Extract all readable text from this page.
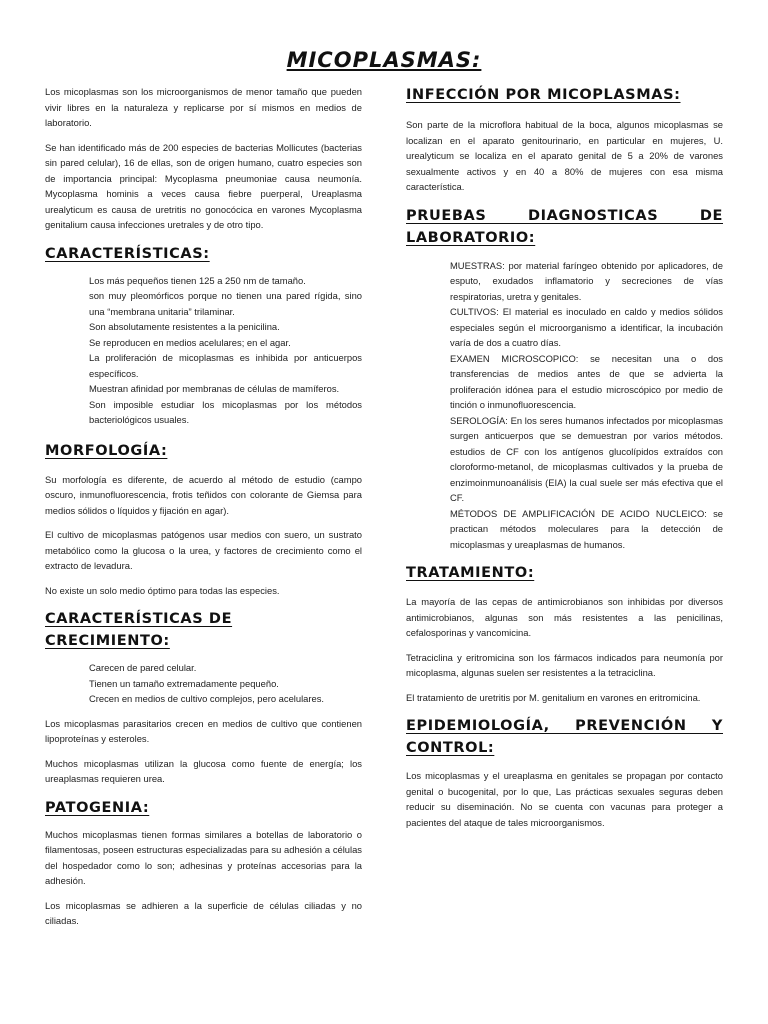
MICOPLASMAS:

Los micoplasmas son los microorganismos de menor tamaño que pueden vivir libres en la naturaleza y replicarse por sí mismos en medios de laboratorio.

Se han identificado más de 200 especies de bacterias Mollicutes (bacterias sin pared celular), 16 de ellas, son de origen humano, cuatro especies son de importancia principal: Mycoplasma pneumoniae causa neumonía. Mycoplasma hominis a veces causa fiebre puerperal, Ureaplasma urealyticum es causa de uretritis no gonocócica en varones Mycoplasma genitalium causa infecciones uretrales y de otro tipo.

CARACTERÍSTICAS:
Los más pequeños tienen 125 a 250 nm de tamaño.
son muy pleomórficos porque no tienen una pared rígida, sino una “membrana unitaria” trilaminar.
Son absolutamente resistentes a la penicilina.
Se reproducen en medios acelulares; en el agar.
La proliferación de micoplasmas es inhibida por anticuerpos específicos.
Muestran afinidad por membranas de células de mamíferos.
Son imposible estudiar los micoplasmas por los métodos bacteriológicos usuales.
MORFOLOGÍA:

Su morfología es diferente, de acuerdo al método de estudio (campo oscuro, inmunofluorescencia, frotis teñidos con colorante de Giemsa para medios sólidos o líquidos y fijación en agar).

El cultivo de micoplasmas patógenos usar medios con suero, un sustrato metabólico como la glucosa o la urea, y factores de crecimiento como el extracto de levadura.

No existe un solo medio óptimo para todas las especies.

CARACTERÍSTICAS DE CRECIMIENTO:
Carecen de pared celular.
Tienen un tamaño extremadamente pequeño.
Crecen en medios de cultivo complejos, pero acelulares.

Los micoplasmas parasitarios crecen en medios de cultivo que contienen lipoproteínas y esteroles.

Muchos micoplasmas utilizan la glucosa como fuente de energía; los ureaplasmas requieren urea.

PATOGENIA:

Muchos micoplasmas tienen formas similares a botellas de laboratorio o filamentosas, poseen estructuras especializadas para su adhesión a células del hospedador como lo son; adhesinas y proteínas accesorias para la adhesión.

Los micoplasmas se adhieren a la superficie de células ciliadas y no ciliadas.

INFECCIÓN POR MICOPLASMAS:

Son parte de la microflora habitual de la boca, algunos micoplasmas se localizan en el aparato genitourinario, en particular en mujeres, U. urealyticum se localiza en el aparato genital de 5 a 20% de varones sexualmente activos y en 40 a 80% de mujeres con esa misma característica.

PRUEBAS DIAGNOSTICAS DE LABORATORIO:
MUESTRAS: por material faríngeo obtenido por aplicadores, de esputo, exudados inflamatorio y secreciones de vías respiratorias, uretra y genitales.
CULTIVOS: El material es inoculado en caldo y medios sólidos especiales según el microorganismo a identificar, la incubación varía de dos a cuatro días.
EXAMEN MICROSCOPICO: se necesitan una o dos transferencias de medios antes de que se advierta la proliferación idónea para el estudio microscópico por medio de tinción o inmunofluorescencia.
SEROLOGÍA: En los seres humanos infectados por micoplasmas surgen anticuerpos que se demuestran por varios métodos. estudios de CF con los antígenos glucolípidos extraídos con cloroformo-metanol, de micoplasmas cultivados y la prueba de enzimoinmunoanálisis (EIA) la cual suele ser más efectiva que el CF.
MÉTODOS DE AMPLIFICACIÓN DE ACIDO NUCLEICO: se practican métodos moleculares para la detección de micoplasmas y ureaplasmas de humanos.
TRATAMIENTO:

La mayoría de las cepas de antimicrobianos son inhibidas por diversos antimicrobianos, algunas son más resistentes a las penicilinas, cefalosporinas y vancomicina.

Tetraciclina y eritromicina son los fármacos indicados para neumonía por micoplasma, algunas suelen ser resistentes a la tetraciclina.

El tratamiento de uretritis por M. genitalium en varones en eritromicina.

EPIDEMIOLOGÍA, PREVENCIÓN Y CONTROL:

Los micoplasmas y el ureaplasma en genitales se propagan por contacto genital o bucogenital, por lo que, Las prácticas sexuales seguras deben reducir su diseminación. No se cuenta con vacunas para proteger a pacientes del ataque de tales microorganismos.
